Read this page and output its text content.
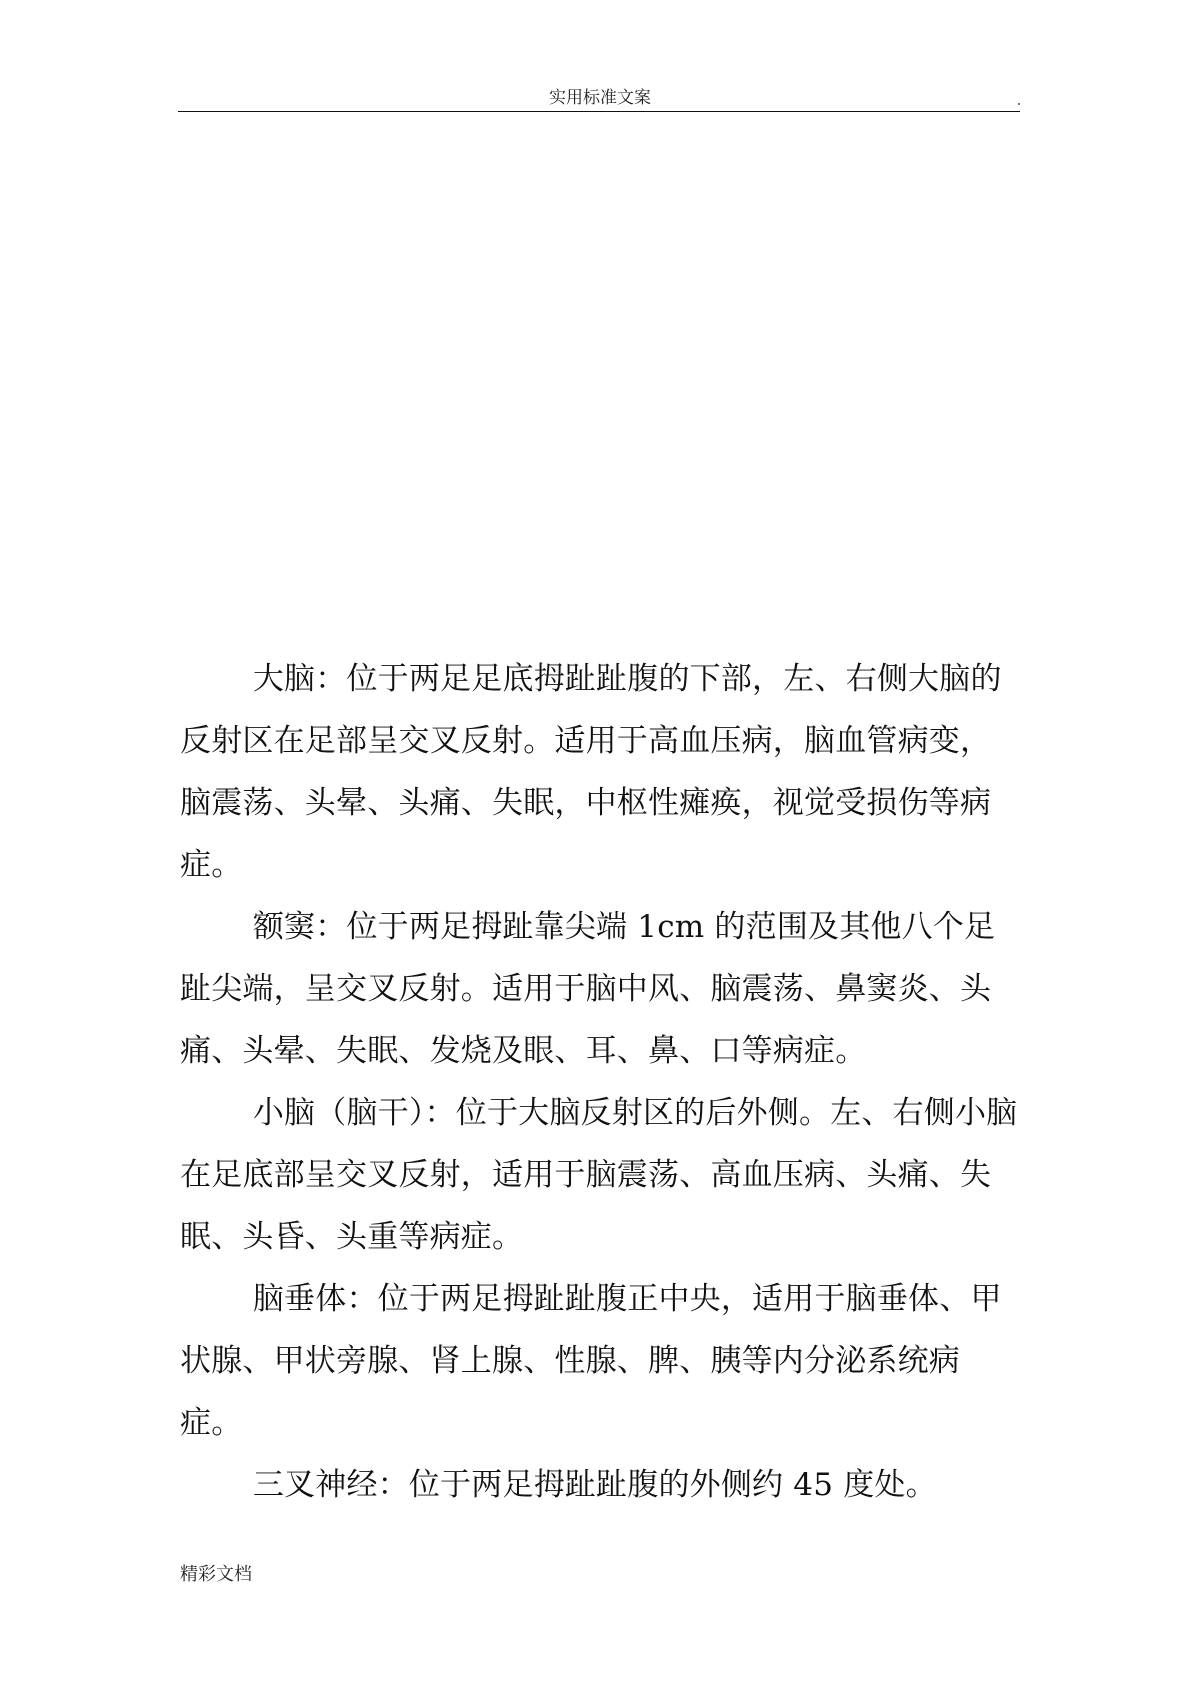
实用标准文案

大脑：位于两足足底拇趾趾腹的下部，左、右侧大脑的反射区在足部呈交叉反射。适用于高血压病，脑血管病变，脑震荡、头晕、头痛、失眠，中枢性瘫痪，视觉受损伤等病症。

额窦：位于两足拇趾靠尖端 1cm 的范围及其他八个足趾尖端，呈交叉反射。适用于脑中风、脑震荡、鼻窦炎、头痛、头晕、失眠、发烧及眼、耳、鼻、口等病症。

小脑（脑干）：位于大脑反射区的后外侧。左、右侧小脑在足底部呈交叉反射，适用于脑震荡、高血压病、头痛、失眠、头昏、头重等病症。

脑垂体：位于两足拇趾趾腹正中央，适用于脑垂体、甲状腺、甲状旁腺、肾上腺、性腺、脾、胰等内分泌系统病症。

三叉神经：位于两足拇趾趾腹的外侧约 45 度处。

精彩文档
